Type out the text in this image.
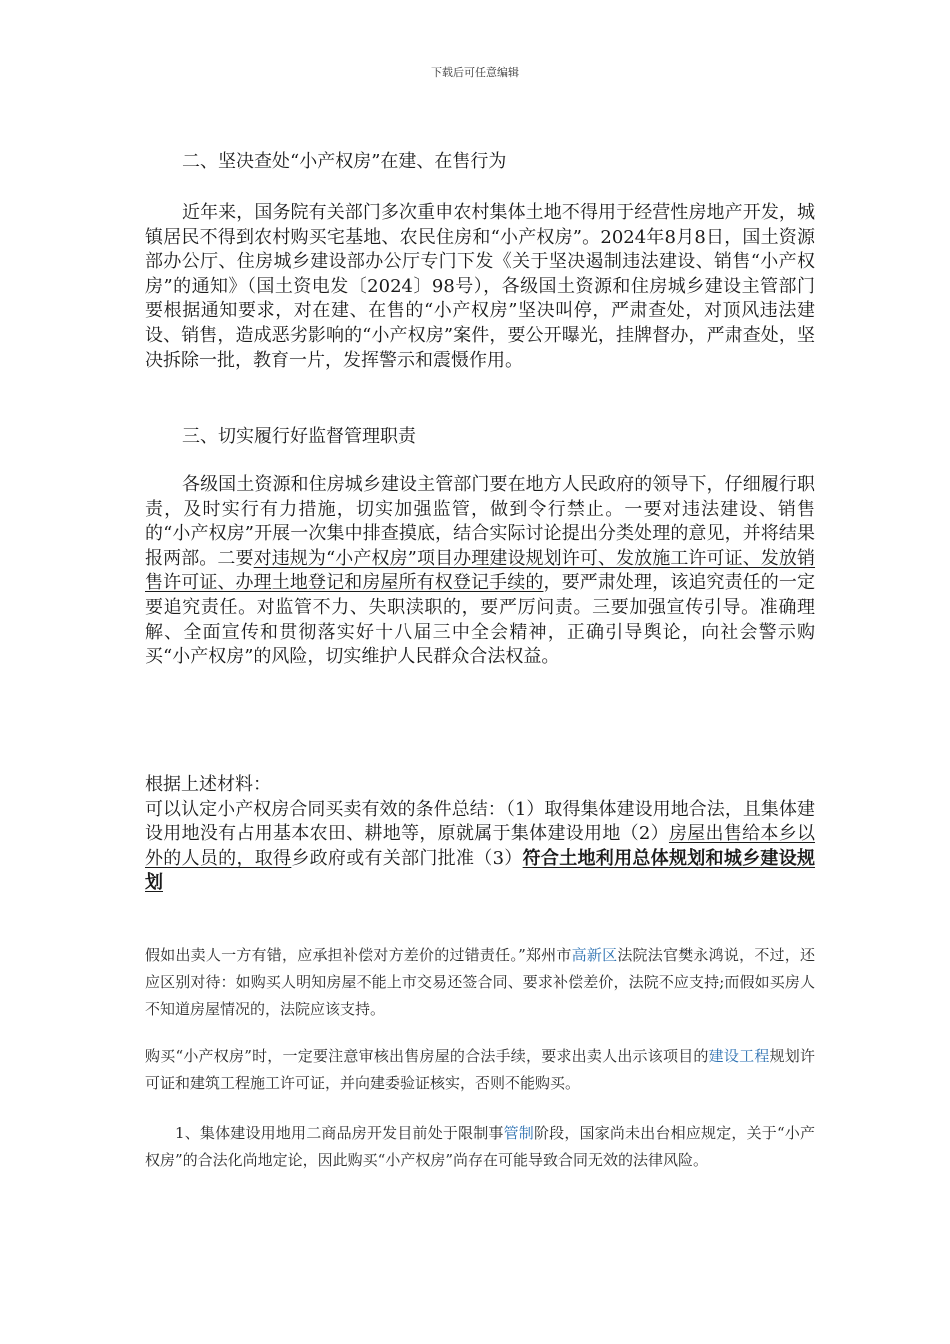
下载后可任意编辑

二、坚决查处“小产权房”在建、在售行为

近年来，国务院有关部门多次重申农村集体土地不得用于经营性房地产开发，城镇居民不得到农村购买宅基地、农民住房和“小产权房”。2024年8月8日，国土资源部办公厅、住房城乡建设部办公厅专门下发《关于坚决遏制违法建设、销售“小产权房”的通知》（国土资电发〔2024〕98号），各级国土资源和住房城乡建设主管部门要根据通知要求，对在建、在售的“小产权房”坚决叫停，严肃查处，对顶风违法建设、销售，造成恶劣影响的“小产权房”案件，要公开曝光，挂牌督办，严肃查处，坚决拆除一批，教育一片，发挥警示和震慑作用。

三、切实履行好监督管理职责

各级国土资源和住房城乡建设主管部门要在地方人民政府的领导下，仔细履行职责，及时实行有力措施，切实加强监管，做到令行禁止。一要对违法建设、销售的“小产权房”开展一次集中排查摸底，结合实际讨论提出分类处理的意见，并将结果报两部。二要对违规为“小产权房”项目办理建设规划许可、发放施工许可证、发放销售许可证、办理土地登记和房屋所有权登记手续的，要严肃处理，该追究责任的一定要追究责任。对监管不力、失职渎职的，要严厉问责。三要加强宣传引导。准确理解、全面宣传和贯彻落实好十八届三中全会精神，正确引导舆论，向社会警示购买“小产权房”的风险，切实维护人民群众合法权益。

根据上述材料：

可以认定小产权房合同买卖有效的条件总结：（1）取得集体建设用地合法，且集体建设用地没有占用基本农田、耕地等，原就属于集体建设用地（2）房屋出售给本乡以外的人员的，取得乡政府或有关部门批准（3）符合土地利用总体规划和城乡建设规划

假如出卖人一方有错，应承担补偿对方差价的过错责任。”郑州市高新区法院法官樊永鸿说，不过，还应区别对待：如购买人明知房屋不能上市交易还签合同、要求补偿差价，法院不应支持;而假如买房人不知道房屋情况的，法院应该支持。

购买“小产权房”时，一定要注意审核出售房屋的合法手续，要求出卖人出示该项目的建设工程规划许可证和建筑工程施工许可证，并向建委验证核实，否则不能购买。

1、集体建设用地用二商品房开发目前处于限制事管制阶段，国家尚未出台相应规定，关于“小产权房”的合法化尚地定论，因此购买“小产权房”尚存在可能导致合同无效的法律风险。
